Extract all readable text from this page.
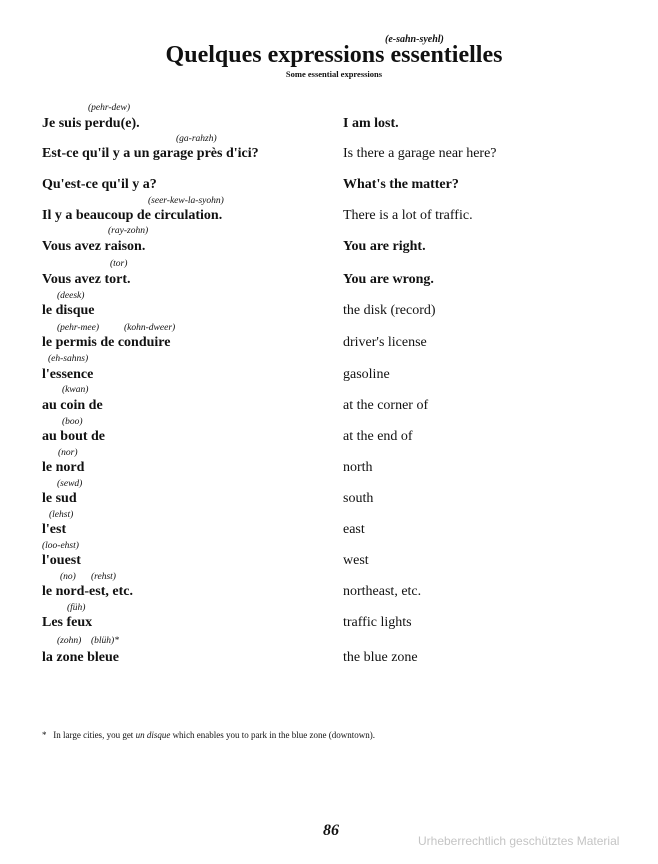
(e-sahn-syehl)
Quelques expressions essentielles
Some essential expressions
(pehr-dew)
Je suis perdu(e).	I am lost.
(ga-rahzh)
Est-ce qu'il y a un garage près d'ici?	Is there a garage near here?
Qu'est-ce qu'il y a?	What's the matter?
(seer-kew-la-syohn)
Il y a beaucoup de circulation.	There is a lot of traffic.
(ray-zohn)
Vous avez raison.	You are right.
(tor)
Vous avez tort.	You are wrong.
(deesk)
le disque	the disk (record)
(pehr-mee)	(kohn-dweer)
le permis de conduire	driver's license
(eh-sahns)
l'essence	gasoline
(kwan)
au coin de	at the corner of
(boo)
au bout de	at the end of
(nor)
le nord	north
(sewd)
le sud	south
(lehst)
l'est	east
(loo-ehst)
l'ouest	west
(no) (rehst)
le nord-est, etc.	northeast, etc.
(füh)
Les feux	traffic lights
(zohn) (blüh)*
la zone bleue	the blue zone
* In large cities, you get un disque which enables you to park in the blue zone (downtown).
86
Urheberrechtlich geschütztes Material
